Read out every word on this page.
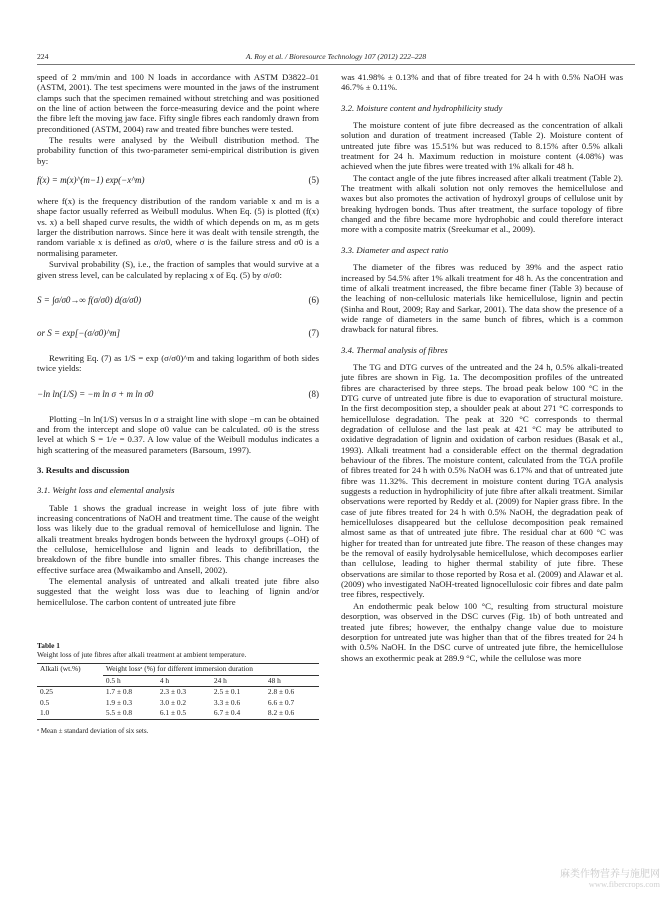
224	A. Roy et al. / Bioresource Technology 107 (2012) 222–228

speed of 2 mm/min and 100 N loads in accordance with ASTM D3822–01 (ASTM, 2001). The test specimens were mounted in the jaws of the instrument clamps such that the specimen remained without stretching and was positioned on the line of action between the force-measuring device and the point where the fibre left the moving jaw face. Fifty single fibres each randomly drawn from preconditioned (ASTM, 2004) raw and treated fibre bunches were tested.

The results were analysed by the Weibull distribution method. The probability function of this two-parameter semi-empirical distribution is given by:

f(x) = m(x)^(m−1) exp(−x^m)	(5)

where f(x) is the frequency distribution of the random variable x and m is a shape factor usually referred as Weibull modulus. When Eq. (5) is plotted (f(x) vs. x) a bell shaped curve results, the width of which depends on m, as m gets larger the distribution narrows. Since here it was dealt with tensile strength, the random variable x is defined as σ/σ0, where σ is the failure stress and σ0 is a normalising parameter.

Survival probability (S), i.e., the fraction of samples that would survive at a given stress level, can be calculated by replacing x of Eq. (5) by σ/σ0:

S = ∫σ/σ0→∞ f(σ/σ0) d(σ/σ0)	(6)
or S = exp[−(σ/σ0)^m]	(7)

Rewriting Eq. (7) as 1/S = exp (σ/σ0)^m and taking logarithm of both sides twice yields:

−ln ln(1/S) = −m ln σ + m ln σ0	(8)

Plotting −ln ln(1/S) versus ln σ a straight line with slope −m can be obtained and from the intercept and slope σ0 value can be calculated. σ0 is the stress level at which S = 1/e = 0.37. A low value of the Weibull modulus indicates a high scattering of the measured parameters (Barsoum, 1997).

3. Results and discussion
3.1. Weight loss and elemental analysis

Table 1 shows the gradual increase in weight loss of jute fibre with increasing concentrations of NaOH and treatment time. The cause of the weight loss was likely due to the gradual removal of hemicellulose and lignin. The alkali treatment breaks hydrogen bonds between the hydroxyl groups (–OH) of the cellulose, hemicellulose and lignin and leads to defibrillation, the breakdown of the fibre bundle into smaller fibres. This change increases the effective surface area (Mwaikambo and Ansell, 2002).

The elemental analysis of untreated and alkali treated jute fibre also suggested that the weight loss was due to leaching of lignin and/or hemicellulose. The carbon content of untreated jute fibre

Table 1
Weight loss of jute fibres after alkali treatment at ambient temperature.
Alkali (wt.%)	Weight lossᵃ (%) for different immersion duration			
	0.5 h	4 h	24 h	48 h
0.25	1.7 ± 0.8	2.3 ± 0.3	2.5 ± 0.1	2.8 ± 0.6
0.5	1.9 ± 0.3	3.0 ± 0.2	3.3 ± 0.6	6.6 ± 0.7
1.0	5.5 ± 0.8	6.1 ± 0.5	6.7 ± 0.4	8.2 ± 0.6
ᵃ Mean ± standard deviation of six sets.

was 41.98% ± 0.13% and that of fibre treated for 24 h with 0.5% NaOH was 46.7% ± 0.11%.

3.2. Moisture content and hydrophilicity study

The moisture content of jute fibre decreased as the concentration of alkali solution and duration of treatment increased (Table 2). Moisture content of untreated jute fibre was 15.51% but was reduced to 8.15% after 0.5% alkali treatment for 24 h. Maximum reduction in moisture content (4.08%) was achieved when the jute fibres were treated with 1% alkali for 48 h.

The contact angle of the jute fibres increased after alkali treatment (Table 2). The treatment with alkali solution not only removes the hemicellulose and waxes but also promotes the activation of hydroxyl groups of cellulose unit by breaking hydrogen bonds. Thus after treatment, the surface topology of fibre changed and the fibre became more hydrophobic and could therefore interact more with a composite matrix (Sreekumar et al., 2009).

3.3. Diameter and aspect ratio

The diameter of the fibres was reduced by 39% and the aspect ratio increased by 54.5% after 1% alkali treatment for 48 h. As the concentration and time of alkali treatment increased, the fibre became finer (Table 3) because of the leaching of non-cellulosic materials like hemicellulose, lignin and pectin (Sinha and Rout, 2009; Ray and Sarkar, 2001). The data show the presence of a wide range of diameters in the same bunch of fibres, which is a common drawback for natural fibres.

3.4. Thermal analysis of fibres

The TG and DTG curves of the untreated and the 24 h, 0.5% alkali-treated jute fibres are shown in Fig. 1a. The decomposition profiles of the untreated fibres are characterised by three steps. The broad peak below 100 °C in the DTG curve of untreated jute fibre is due to evaporation of structural moisture. In the first decomposition step, a shoulder peak at about 271 °C corresponds to hemicellulose degradation. The peak at 320 °C corresponds to thermal degradation of cellulose and the last peak at 421 °C may be attributed to oxidative degradation of lignin and oxidation of carbon residues (Basak et al., 1993). Alkali treatment had a considerable effect on the thermal degradation behaviour of the fibres. The moisture content, calculated from the TGA profile of fibres treated for 24 h with 0.5% NaOH was 6.17% and that of untreated jute fibre was 11.32%. This decrement in moisture content during TGA analysis suggests a reduction in hydrophilicity of jute fibre after alkali treatment. Similar observations were reported by Reddy et al. (2009) for Napier grass fibre. In the case of jute fibres treated for 24 h with 0.5% NaOH, the degradation peak of hemicelluloses disappeared but the cellulose decomposition peak remained almost same as that of untreated jute fibre. The residual char at 600 °C was higher for treated than for untreated jute fibre. The reason of these changes may be the removal of easily hydrolysable hemicellulose, which decomposes earlier than cellulose, leading to higher thermal stability of jute fibre. These observations are similar to those reported by Rosa et al. (2009) and Alawar et al. (2009) who investigated NaOH-treated lignocellulosic coir fibres and date palm tree fibres, respectively.

An endothermic peak below 100 °C, resulting from structural moisture desorption, was observed in the DSC curves (Fig. 1b) of both untreated and treated jute fibres; however, the enthalpy change value due to moisture desorption for untreated jute was higher than that of the fibres treated for 24 h with 0.5% NaOH. In the DSC curve of untreated jute fibre, the hemicellulose shows an exothermic peak at 289.9 °C, while the cellulose was more

麻类作物营养与施肥网
www.fibercrops.com
